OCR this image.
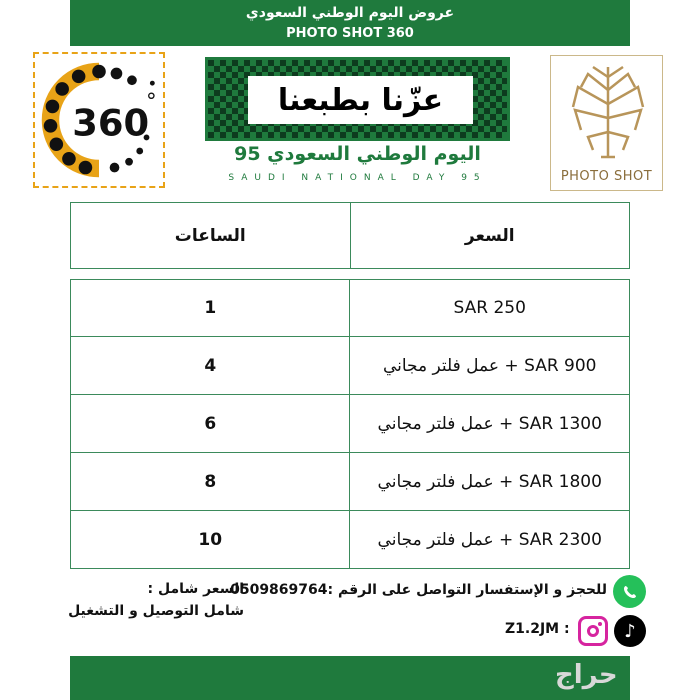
عروض اليوم الوطني السعودي
PHOTO SHOT 360
360
°	عزّنا بطبعنا
اليوم الوطني السعودي 95
SAUDI NATIONAL DAY 95	PHOTO SHOT
الساعات	السعر
1	250 SAR
4	SAR 900 + عمل فلتر مجاني
6	SAR 1300 + عمل فلتر مجاني
8	SAR 1800 + عمل فلتر مجاني
10	SAR 2300 + عمل فلتر مجاني
للحجز و الإستفسار التواصل على الرقم :0509869764
السعر شامل :
شامل التوصيل و التشغيل
Z1.2JM :	♪
حراج
